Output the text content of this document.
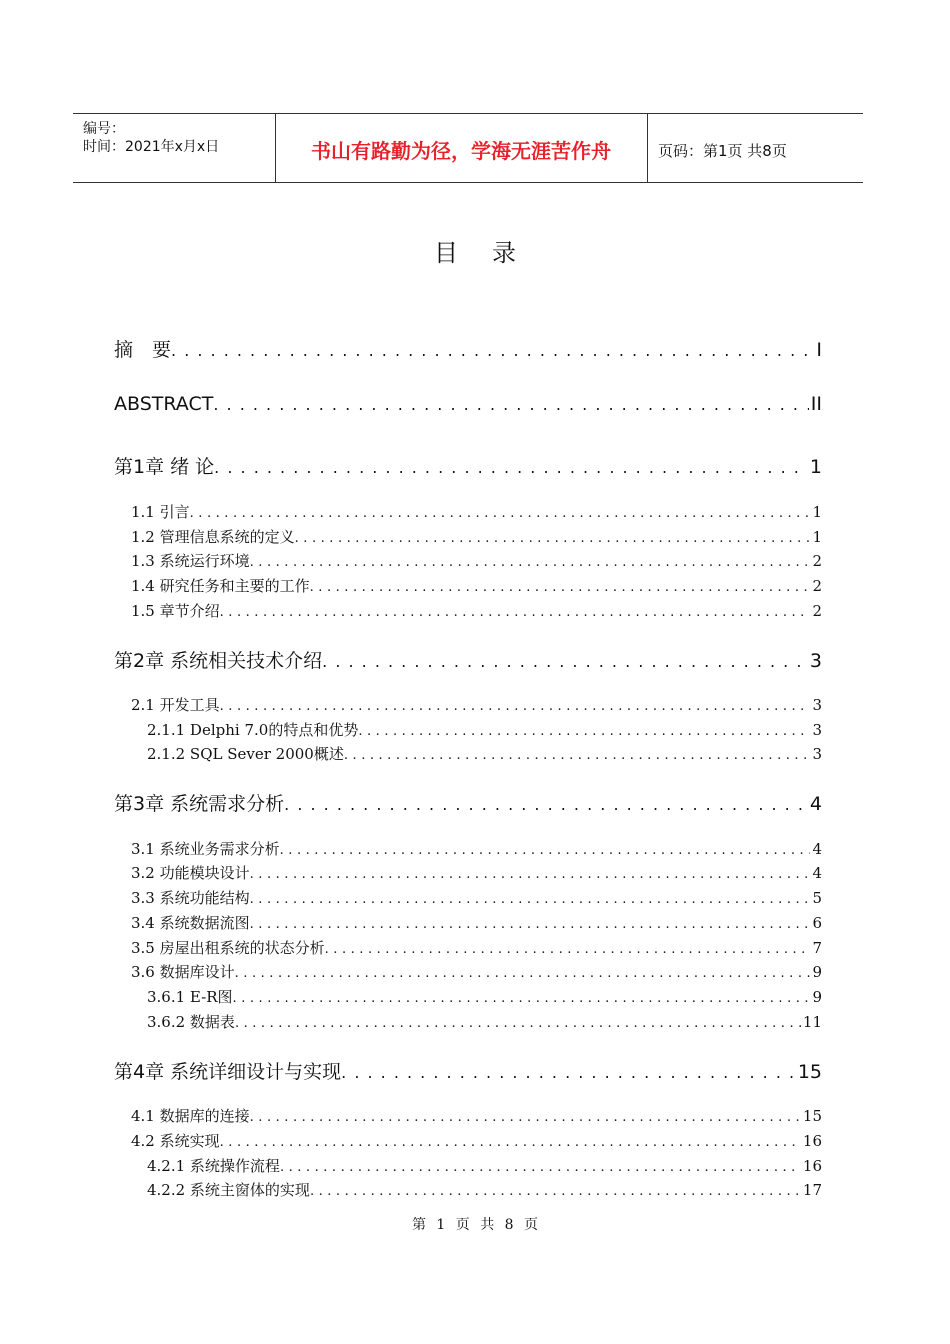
编号：
时间：2021年x月x日	书山有路勤为径，学海无涯苦作舟	页码：第1页 共8页
目录
摘　要 . . .	I
ABSTRACT . . .	II
第1章 绪 论 . . .	1
1.1 引言 . . .	1
1.2 管理信息系统的定义 . . .	1
1.3 系统运行环境 . . .	2
1.4 研究任务和主要的工作 . . .	2
1.5 章节介绍 . . .	2
第2章 系统相关技术介绍 . . .	3
2.1 开发工具 . . .	3
2.1.1 Delphi 7.0的特点和优势 . . .	3
2.1.2 SQL Sever 2000概述 . . .	3
第3章 系统需求分析 . . .	4
3.1 系统业务需求分析 . . .	4
3.2 功能模块设计 . . .	4
3.3 系统功能结构 . . .	5
3.4 系统数据流图 . . .	6
3.5 房屋出租系统的状态分析 . . .	7
3.6 数据库设计 . . .	9
3.6.1 E-R图 . . .	9
3.6.2 数据表 . . .	11
第4章 系统详细设计与实现 . . .	15
4.1 数据库的连接 . . .	15
4.2 系统实现 . . .	16
4.2.1 系统操作流程 . . .	16
4.2.2 系统主窗体的实现 . . .	17
第 1 页 共 8 页
